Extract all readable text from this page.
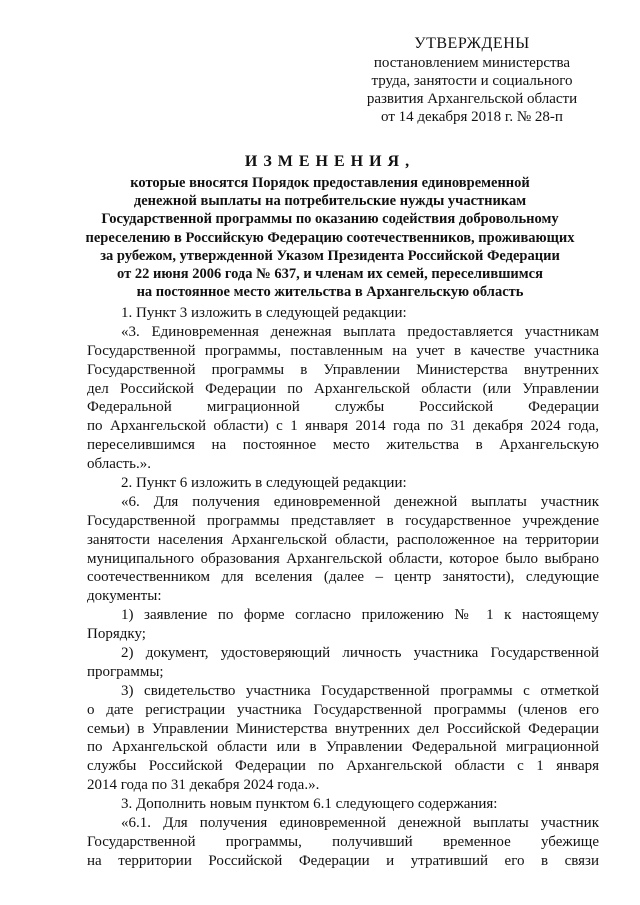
УТВЕРЖДЕНЫ
постановлением министерства
труда, занятости и социального
развития Архангельской области
от 14 декабря 2018 г. № 28-п
ИЗМЕНЕНИЯ,
которые вносятся Порядок предоставления единовременной
денежной выплаты на потребительские нужды участникам
Государственной программы по оказанию содействия добровольному
переселению в Российскую Федерацию соотечественников, проживающих
за рубежом, утвержденной Указом Президента Российской Федерации
от 22 июня 2006 года № 637, и членам их семей, переселившимся
на постоянное место жительства в Архангельскую область
1. Пункт 3 изложить в следующей редакции:
«3. Единовременная денежная выплата предоставляется участникам
Государственной программы, поставленным на учет в качестве участника
Государственной программы в Управлении Министерства внутренних
дел Российской Федерации по Архангельской области (или Управлении
Федеральной миграционной службы Российской Федерации
по Архангельской области) с 1 января 2014 года по 31 декабря 2024 года,
переселившимся на постоянное место жительства в Архангельскую
область.».
2. Пункт 6 изложить в следующей редакции:
«6. Для получения единовременной денежной выплаты участник
Государственной программы представляет в государственное учреждение
занятости населения Архангельской области, расположенное на территории
муниципального образования Архангельской области, которое было выбрано
соотечественником для вселения (далее – центр занятости), следующие
документы:
1) заявление по форме согласно приложению № 1 к настоящему
Порядку;
2) документ, удостоверяющий личность участника Государственной
программы;
3) свидетельство участника Государственной программы с отметкой
о дате регистрации участника Государственной программы (членов его
семьи) в Управлении Министерства внутренних дел Российской Федерации
по Архангельской области или в Управлении Федеральной миграционной
службы Российской Федерации по Архангельской области с 1 января
2014 года по 31 декабря 2024 года.».
3. Дополнить новым пунктом 6.1 следующего содержания:
«6.1. Для получения единовременной денежной выплаты участник
Государственной программы, получивший временное убежище
на территории Российской Федерации и утративший его в связи
